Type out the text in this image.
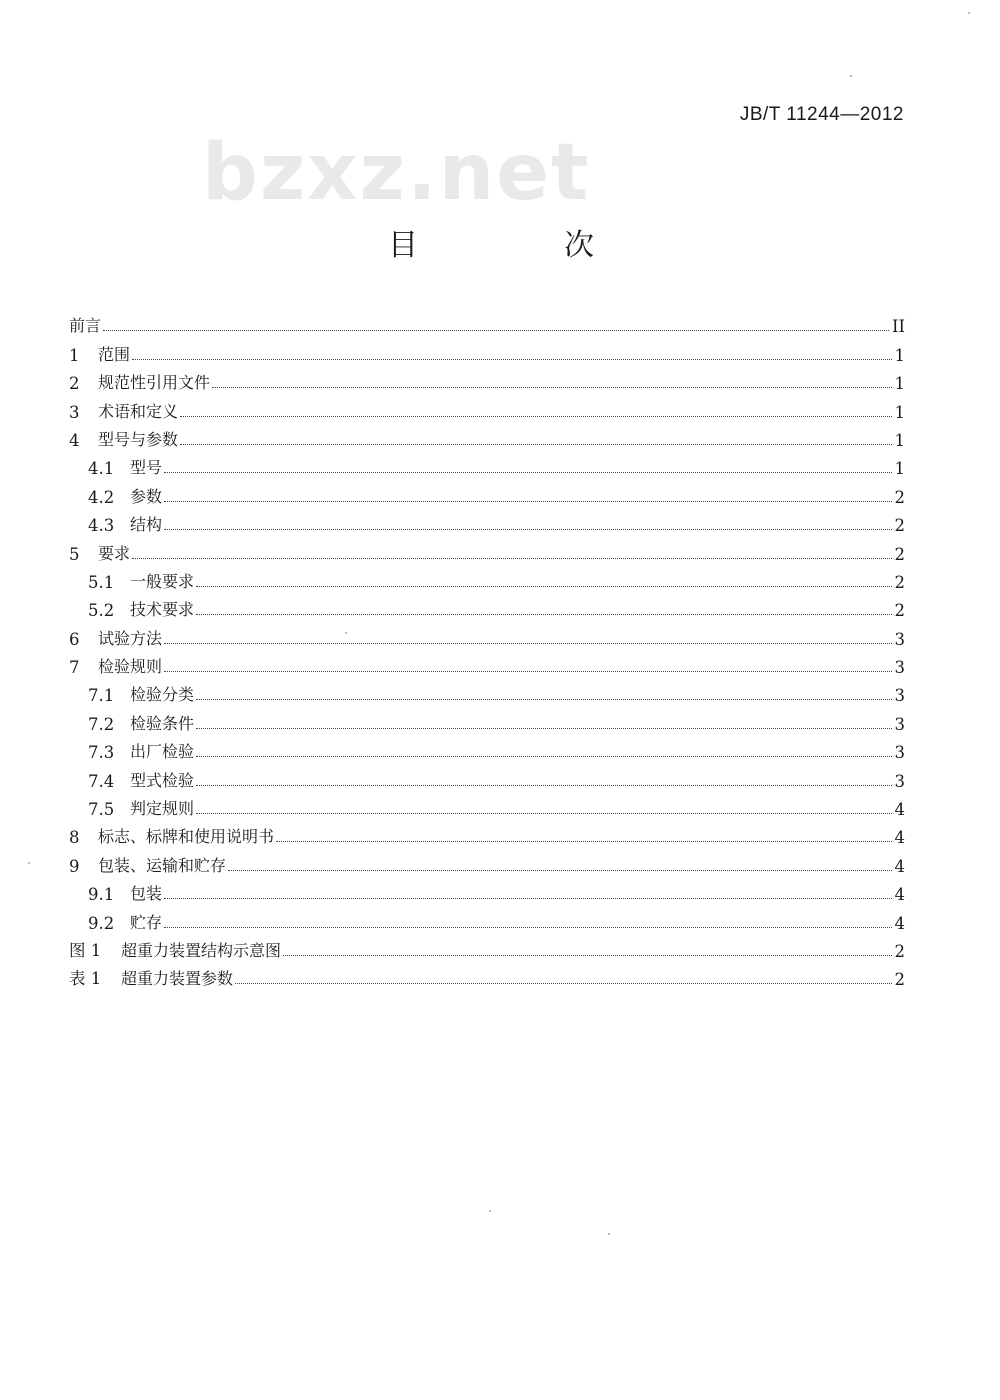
bzxz.net
JB/T 11244—2012
目　次
前言	II
1	范围	1
2	规范性引用文件	1
3	术语和定义	1
4	型号与参数	1
4.1 型号	1
4.2 参数	2
4.3 结构	2
5	要求	2
5.1 一般要求	2
5.2 技术要求	2
6	试验方法	3
7	检验规则	3
7.1 检验分类	3
7.2 检验条件	3
7.3 出厂检验	3
7.4 型式检验	3
7.5 判定规则	4
8	标志、标牌和使用说明书	4
9	包装、运输和贮存	4
9.1 包装	4
9.2 贮存	4
图 1	超重力装置结构示意图	2
表 1	超重力装置参数	2
